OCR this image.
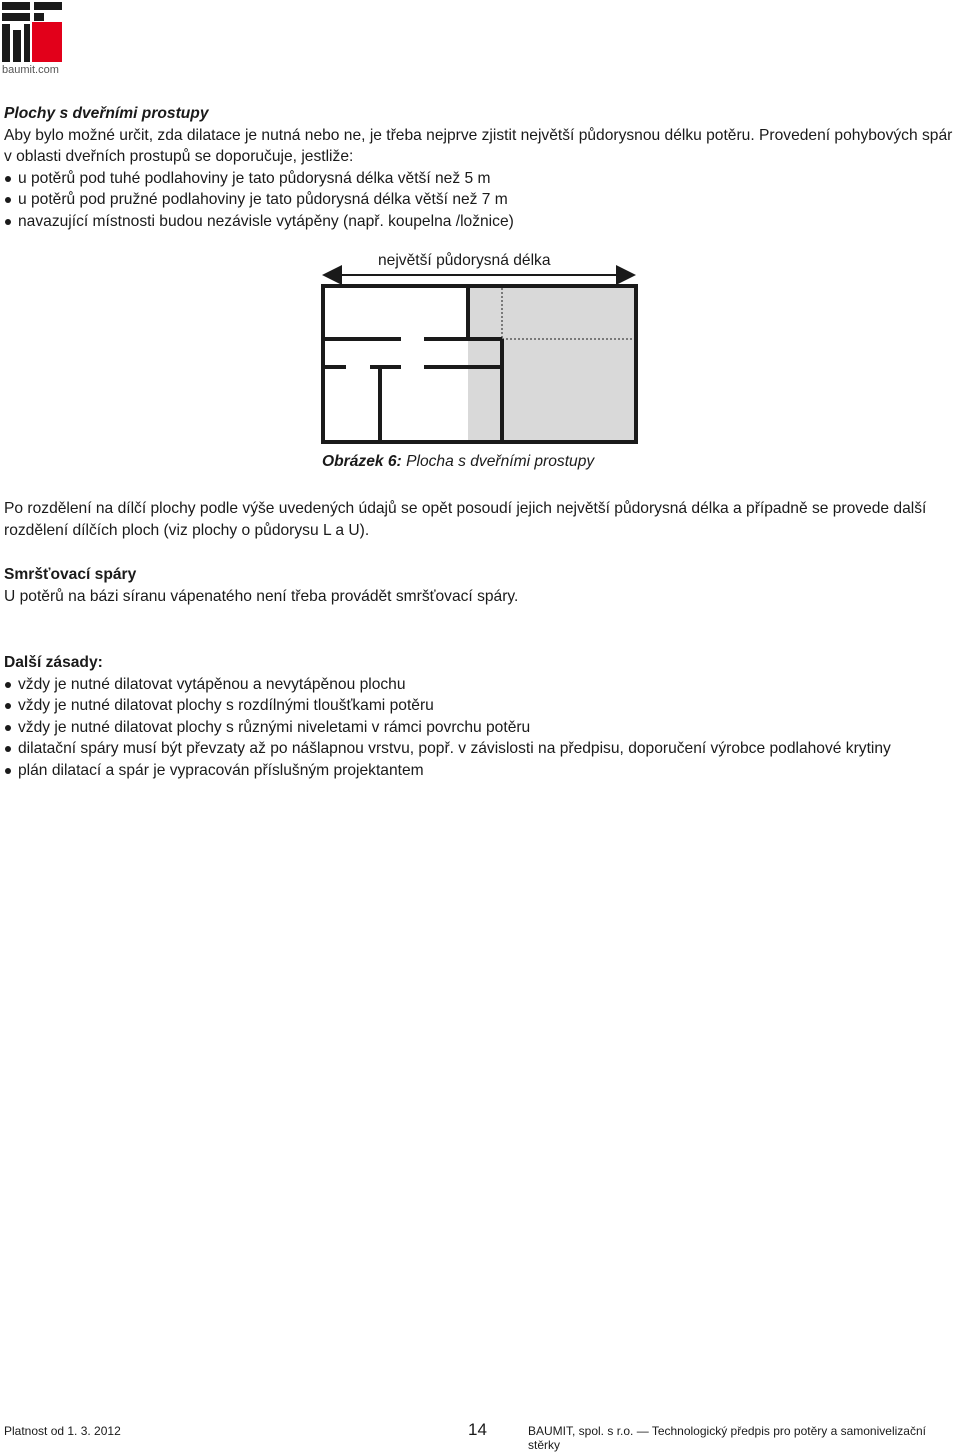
baumit.com

Plochy s dveřními prostupy

Aby bylo možné určit, zda dilatace je nutná nebo ne, je třeba nejprve zjistit největší půdorysnou délku potěru. Provedení pohybových spár v oblasti dveřních prostupů se doporučuje, jestliže:

u potěrů pod tuhé podlahoviny je tato půdorysná délka větší než 5 m
u potěrů pod pružné podlahoviny je tato půdorysná délka větší než 7 m
navazující místnosti budou nezávisle vytápěny (např. koupelna /ložnice)
největší půdorysná délka
Obrázek 6: Plocha s dveřními prostupy

Po rozdělení na dílčí plochy podle výše uvedených údajů se opět posoudí jejich největší půdorysná délka a případně se provede další rozdělení dílčích ploch (viz plochy o půdorysu L a U).

Smršťovací spáry

U potěrů na bázi síranu vápenatého není třeba provádět smršťovací spáry.

Další zásady:

vždy je nutné dilatovat vytápěnou a nevytápěnou plochu
vždy je nutné dilatovat plochy s rozdílnými tloušťkami potěru
vždy je nutné dilatovat plochy s různými niveletami v rámci povrchu potěru
dilatační spáry musí být převzaty až po nášlapnou vrstvu, popř. v závislosti na předpisu, doporučení výrobce podlahové krytiny
plán dilatací a spár je vypracován příslušným projektantem
Platnost od 1. 3. 2012	14	BAUMIT, spol. s r.o. — Technologický předpis pro potěry a samonivelizační stěrky
